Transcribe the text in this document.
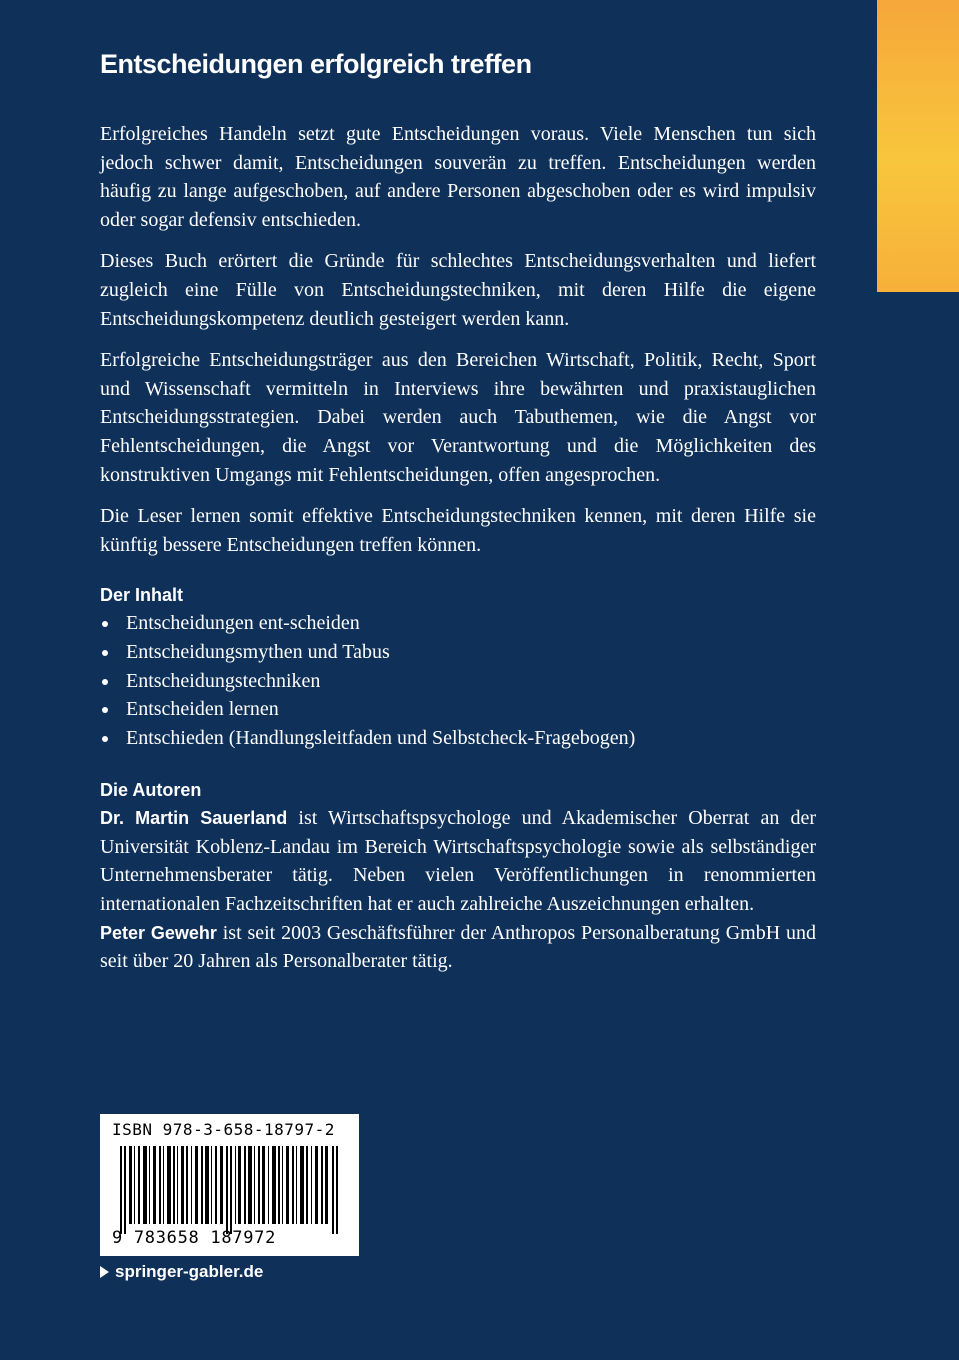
Entscheidungen erfolgreich treffen

Erfolgreiches Handeln setzt gute Entscheidungen voraus. Viele Menschen tun sich jedoch schwer damit, Entscheidungen souverän zu treffen. Entscheidungen werden häufig zu lange aufgeschoben, auf andere Personen abgeschoben oder es wird impulsiv oder sogar defensiv entschieden.

Dieses Buch erörtert die Gründe für schlechtes Entscheidungsverhalten und liefert zugleich eine Fülle von Entscheidungstechniken, mit deren Hilfe die eigene Entscheidungskompetenz deutlich gesteigert werden kann.

Erfolgreiche Entscheidungsträger aus den Bereichen Wirtschaft, Politik, Recht, Sport und Wissenschaft vermitteln in Interviews ihre bewährten und praxistauglichen Entscheidungsstrategien. Dabei werden auch Tabuthemen, wie die Angst vor Fehlentscheidungen, die Angst vor Verantwortung und die Möglichkeiten des konstruktiven Umgangs mit Fehlentscheidungen, offen angesprochen.

Die Leser lernen somit effektive Entscheidungstechniken kennen, mit deren Hilfe sie künftig bessere Entscheidungen treffen können.

Der Inhalt
Entscheidungen ent-scheiden
Entscheidungsmythen und Tabus
Entscheidungstechniken
Entscheiden lernen
Entschieden (Handlungsleitfaden und Selbstcheck-Fragebogen)
Die Autoren

Dr. Martin Sauerland ist Wirtschaftspsychologe und Akademischer Oberrat an der Universität Koblenz-Landau im Bereich Wirtschaftspsychologie sowie als selbständiger Unternehmensberater tätig. Neben vielen Veröffentlichungen in renommierten internationalen Fachzeitschriften hat er auch zahlreiche Auszeichnungen erhalten.

Peter Gewehr ist seit 2003 Geschäftsführer der Anthropos Personalberatung GmbH und seit über 20 Jahren als Personalberater tätig.

ISBN 978-3-658-18797-2
9 783658 187972
springer-gabler.de
